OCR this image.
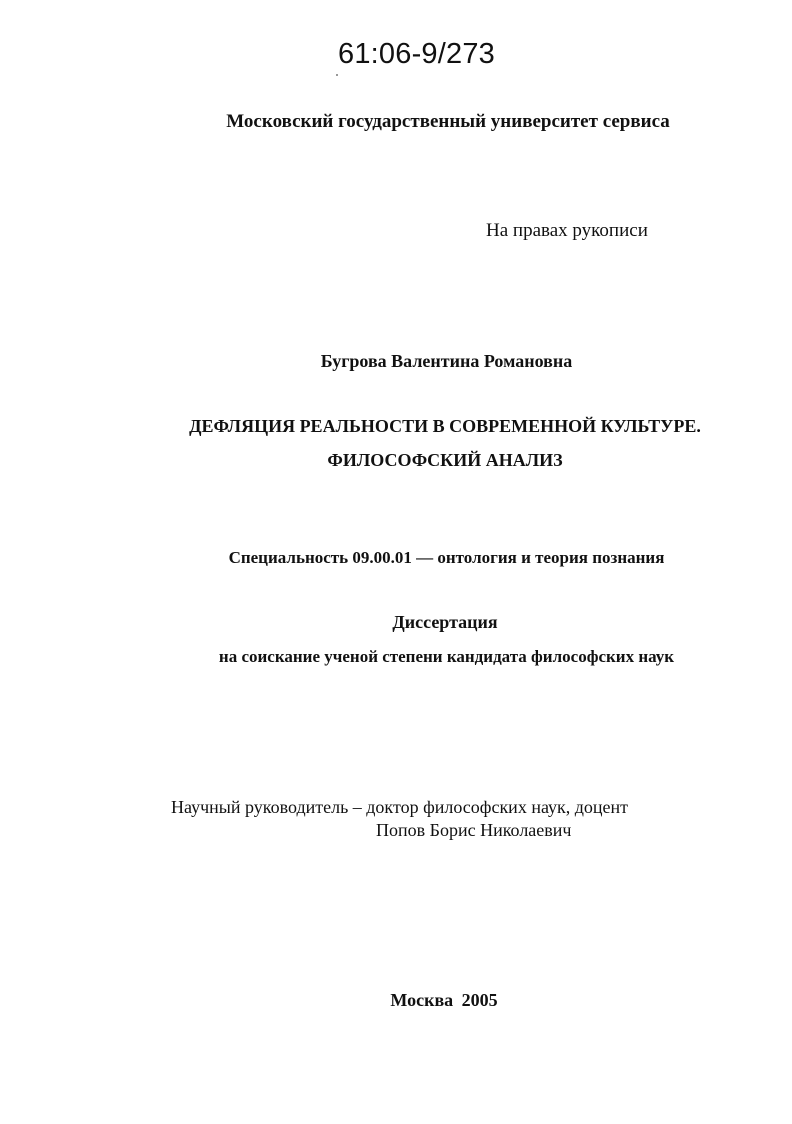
61:06-9/273
Московский государственный университет сервиса
На правах рукописи
Бугрова Валентина Романовна
ДЕФЛЯЦИЯ РЕАЛЬНОСТИ В СОВРЕМЕННОЙ КУЛЬТУРЕ.
ФИЛОСОФСКИЙ АНАЛИЗ
Специальность 09.00.01 — онтология и теория познания
Диссертация
на соискание ученой степени кандидата философских наук
Научный руководитель – доктор философских наук, доцент
Попов Борис Николаевич
Москва 2005
